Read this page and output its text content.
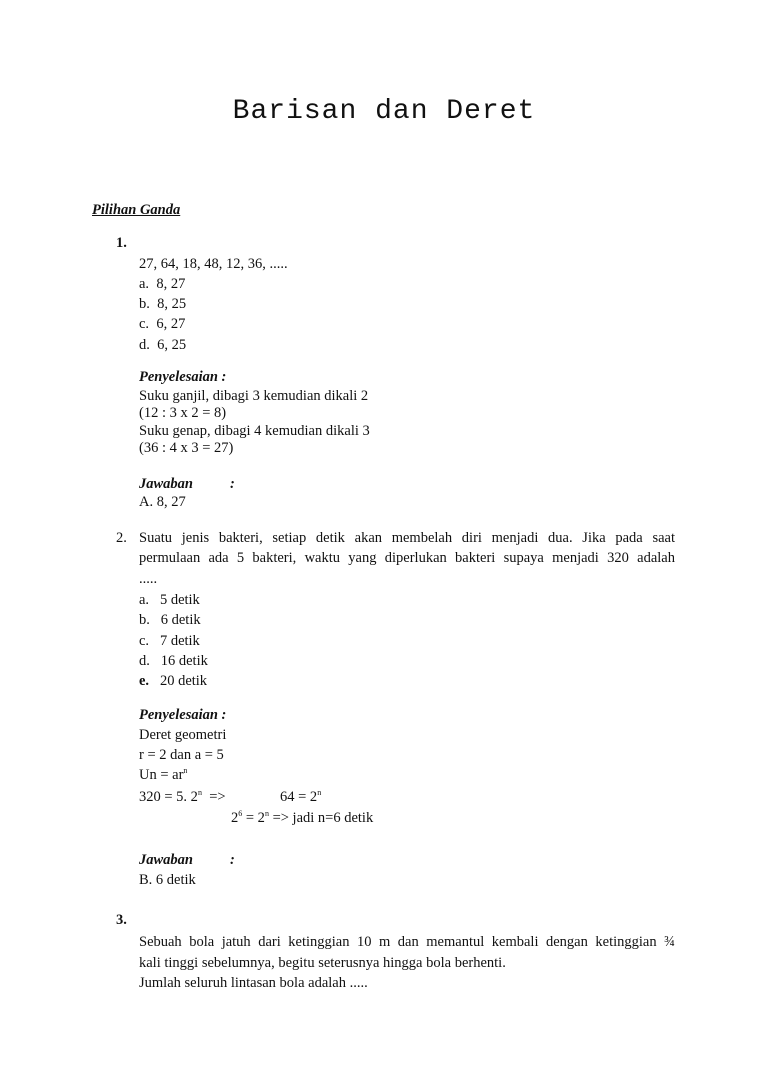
Barisan dan Deret
Pilihan Ganda
1.
27, 64, 18, 48, 12, 36, .....
a. 8, 27
b. 8, 25
c. 6, 27
d. 6, 25
Penyelesaian :
Suku ganjil, dibagi 3 kemudian dikali 2
(12 : 3 x 2 = 8)
Suku genap, dibagi 4 kemudian dikali 3
(36 : 4 x 3 = 27)
Jawaban	:
A. 8, 27
2. Suatu jenis bakteri, setiap detik akan membelah diri menjadi dua. Jika pada saat
permulaan ada 5 bakteri, waktu yang diperlukan bakteri supaya menjadi 320 adalah
.....
a. 5 detik
b. 6 detik
c. 7 detik
d. 16 detik
e. 20 detik
Penyelesaian :
Deret geometri
r = 2 dan a = 5
$Un = ar^n$
320 = 5. $2^n$ =>	$64 = 2^n$
$2^6 = 2^n$ => jadi n=6 detik
Jawaban	:
B. 6 detik
3.
Sebuah bola jatuh dari ketinggian 10 m dan memantul kembali dengan ketinggian ¾
kali tinggi sebelumnya, begitu seterusnya hingga bola berhenti.
Jumlah seluruh lintasan bola adalah .....
